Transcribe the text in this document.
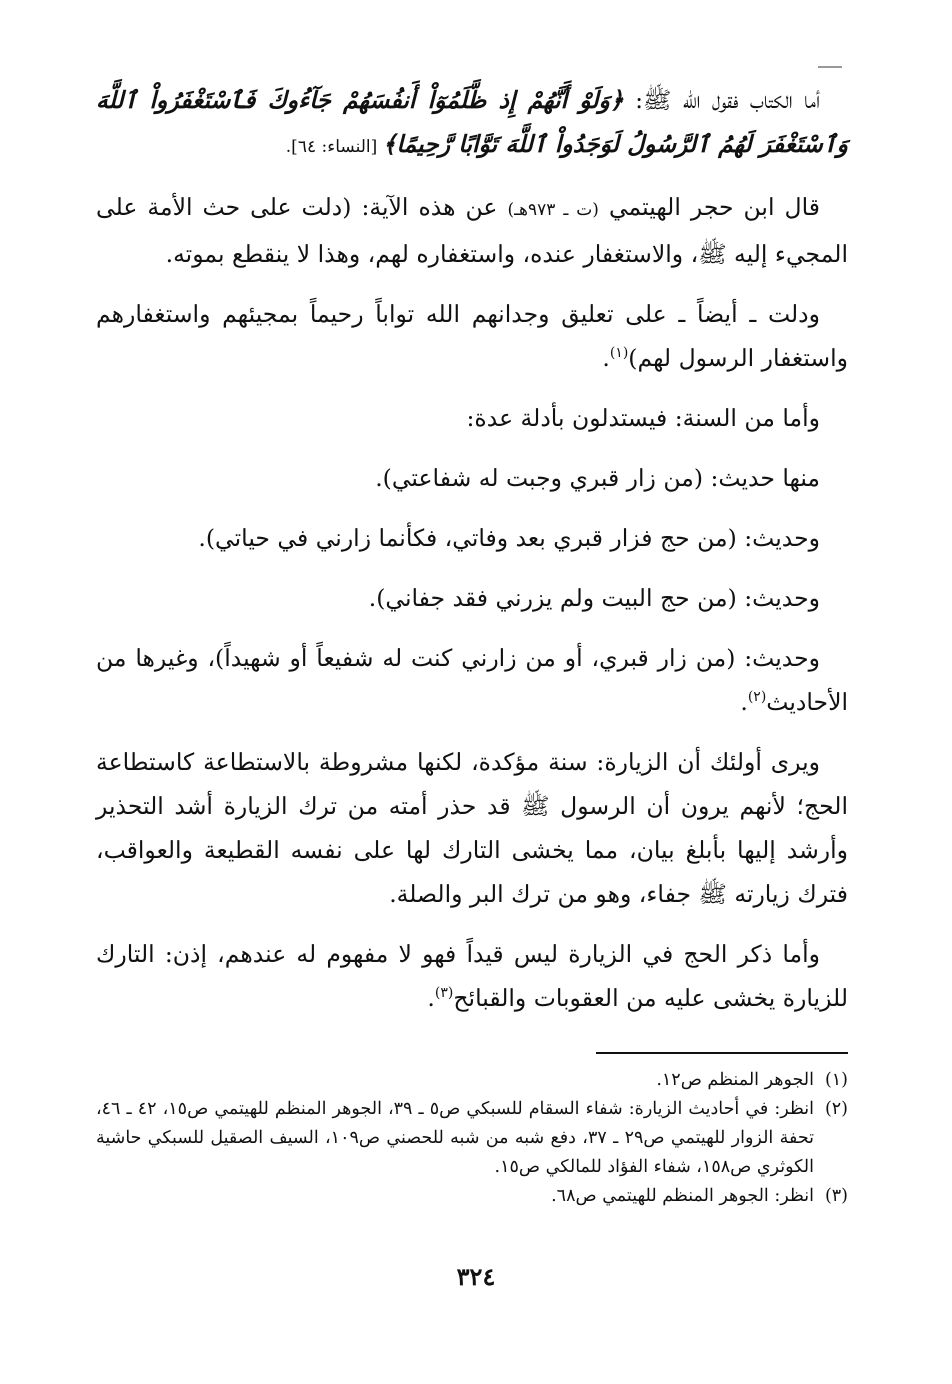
أما الكتاب فقول الله ﷺ: ﴿وَلَوْ أَنَّهُمْ إِذ ظَّلَمُوٓاْ أَنفُسَهُمْ جَآءُوكَ فَٱسْتَغْفَرُواْ ٱللَّهَ وَٱسْتَغْفَرَ لَهُمُ ٱلرَّسُولُ لَوَجَدُواْ ٱللَّهَ تَوَّابًا رَّحِيمًا﴾ [النساء: ٦٤].

قال ابن حجر الهيتمي (ت ـ ٩٧٣هـ) عن هذه الآية: (دلت على حث الأمة على المجيء إليه ﷺ، والاستغفار عنده، واستغفاره لهم، وهذا لا ينقطع بموته.

ودلت ـ أيضاً ـ على تعليق وجدانهم الله تواباً رحيماً بمجيئهم واستغفارهم واستغفار الرسول لهم)$^{(١)}$.

وأما من السنة: فيستدلون بأدلة عدة:

منها حديث: (من زار قبري وجبت له شفاعتي).

وحديث: (من حج فزار قبري بعد وفاتي، فكأنما زارني في حياتي).

وحديث: (من حج البيت ولم يزرني فقد جفاني).

وحديث: (من زار قبري، أو من زارني كنت له شفيعاً أو شهيداً)، وغيرها من الأحاديث$^{(٢)}$.

ويرى أولئك أن الزيارة: سنة مؤكدة، لكنها مشروطة بالاستطاعة كاستطاعة الحج؛ لأنهم يرون أن الرسول ﷺ قد حذر أمته من ترك الزيارة أشد التحذير وأرشد إليها بأبلغ بيان، مما يخشى التارك لها على نفسه القطيعة والعواقب، فترك زيارته ﷺ جفاء، وهو من ترك البر والصلة.

وأما ذكر الحج في الزيارة ليس قيداً فهو لا مفهوم له عندهم، إذن: التارك للزيارة يخشى عليه من العقوبات والقبائح$^{(٣)}$.

(١)
الجوهر المنظم ص١٢.
(٢)
انظر: في أحاديث الزيارة: شفاء السقام للسبكي ص٥ ـ ٣٩، الجوهر المنظم للهيتمي ص١٥، ٤٢ ـ ٤٦، تحفة الزوار للهيتمي ص٢٩ ـ ٣٧، دفع شبه من شبه للحصني ص١٠٩، السيف الصقيل للسبكي حاشية الكوثري ص١٥٨، شفاء الفؤاد للمالكي ص١٥.
(٣)
انظر: الجوهر المنظم للهيتمي ص٦٨.
٣٢٤
